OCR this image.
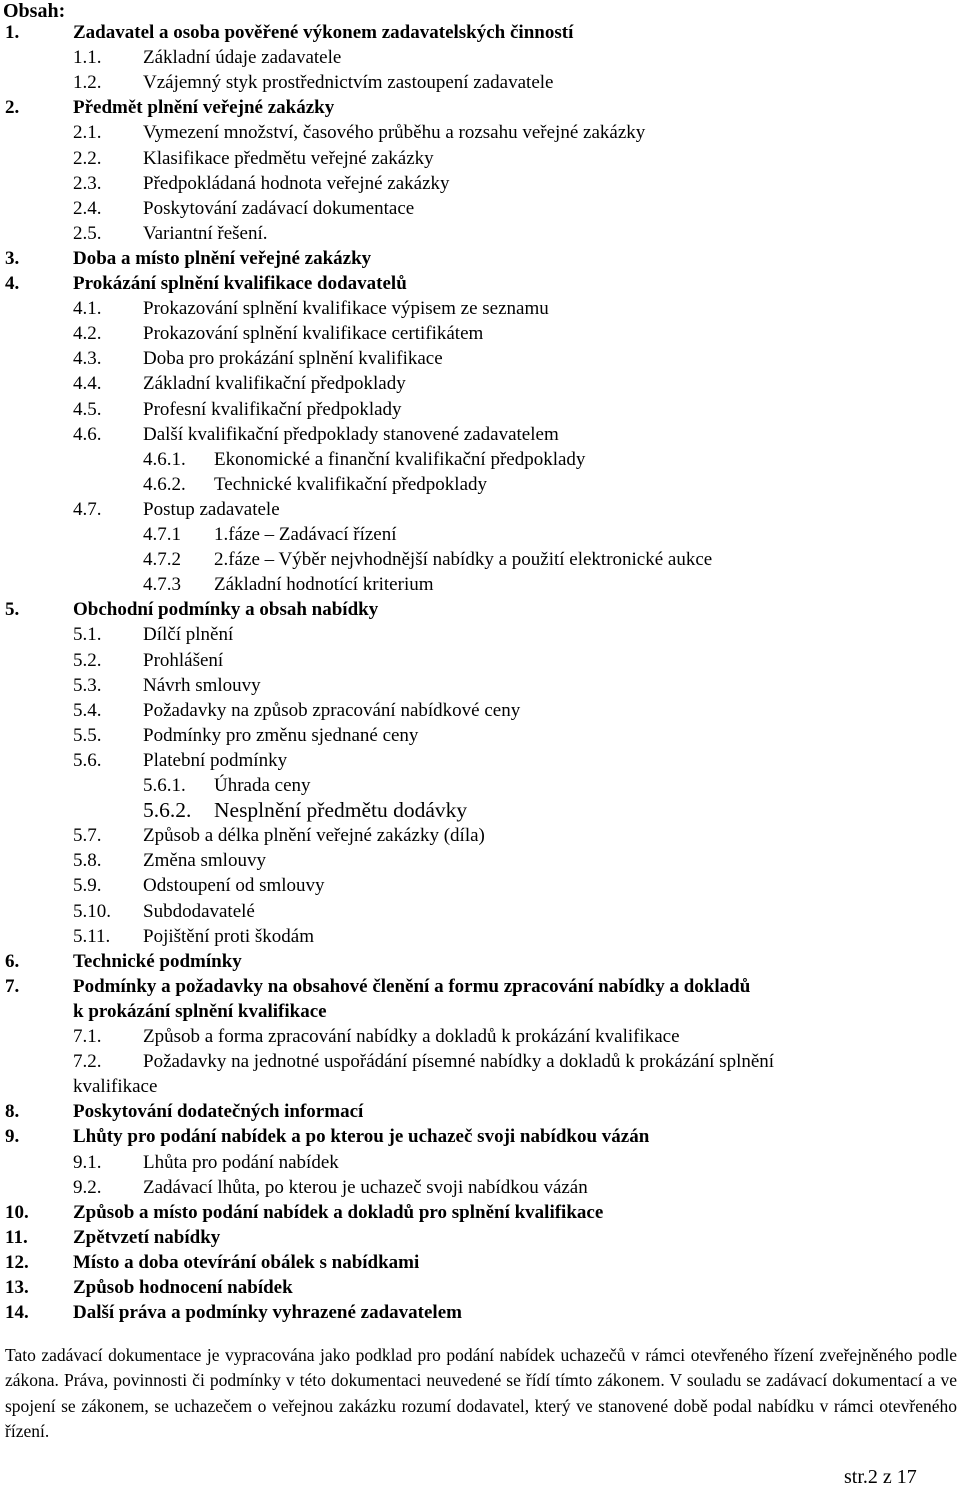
Obsah:
1.	Zadavatel a osoba pověřené výkonem zadavatelských činností
1.1. Základní údaje zadavatele
1.2. Vzájemný styk prostřednictvím zastoupení zadavatele
2.	Předmět plnění veřejné zakázky
2.1. Vymezení množství, časového průběhu a rozsahu veřejné zakázky
2.2. Klasifikace předmětu veřejné zakázky
2.3. Předpokládaná hodnota veřejné zakázky
2.4. Poskytování zadávací dokumentace
2.5. Variantní řešení.
3.	Doba a místo plnění veřejné zakázky
4.	Prokázání splnění kvalifikace dodavatelů
4.1. Prokazování splnění kvalifikace výpisem ze seznamu
4.2. Prokazování splnění kvalifikace certifikátem
4.3. Doba pro prokázání splnění kvalifikace
4.4. Základní kvalifikační předpoklady
4.5. Profesní kvalifikační předpoklady
4.6. Další kvalifikační předpoklady stanovené zadavatelem
4.6.1. Ekonomické a finanční kvalifikační předpoklady
4.6.2. Technické kvalifikační předpoklady
4.7. Postup zadavatele
4.7.1 1.fáze – Zadávací řízení
4.7.2 2.fáze – Výběr nejvhodnější nabídky a použití elektronické aukce
4.7.3 Základní hodnotící kriterium
5.	Obchodní podmínky a obsah nabídky
5.1. Dílčí plnění
5.2. Prohlášení
5.3. Návrh smlouvy
5.4. Požadavky na způsob zpracování nabídkové ceny
5.5. Podmínky pro změnu sjednané ceny
5.6. Platební podmínky
5.6.1. Úhrada ceny
5.6.2. Nesplnění předmětu dodávky
5.7. Způsob a délka plnění veřejné zakázky (díla)
5.8. Změna smlouvy
5.9. Odstoupení od smlouvy
5.10. Subdodavatelé
5.11. Pojištění proti škodám
6.	Technické podmínky
7.	Podmínky a požadavky na obsahové členění a formu zpracování nabídky a dokladů
k prokázání splnění kvalifikace
7.1. Způsob a forma zpracování nabídky a dokladů k prokázání kvalifikace
7.2. Požadavky na jednotné uspořádání písemné nabídky a dokladů k prokázání splnění
kvalifikace
8.	Poskytování dodatečných informací
9.	Lhůty pro podání nabídek a po kterou je uchazeč svoji nabídkou vázán
9.1. Lhůta pro podání nabídek
9.2. Zadávací lhůta, po kterou je uchazeč svoji nabídkou vázán
10. Způsob a místo podání nabídek a dokladů pro splnění kvalifikace
11. Zpětvzetí nabídky
12. Místo a doba otevírání obálek s nabídkami
13. Způsob hodnocení nabídek
14. Další práva a podmínky vyhrazené zadavatelem
Tato zadávací dokumentace je vypracována jako podklad pro podání nabídek uchazečů v rámci otevřeného řízení zveřejněného podle zákona. Práva, povinnosti či podmínky v této dokumentaci neuvedené se řídí tímto zákonem. V souladu se zadávací dokumentací a ve spojení se zákonem, se uchazečem o veřejnou zakázku rozumí dodavatel, který ve stanovené době podal nabídku v rámci otevřeného řízení.
str.2 z 17
